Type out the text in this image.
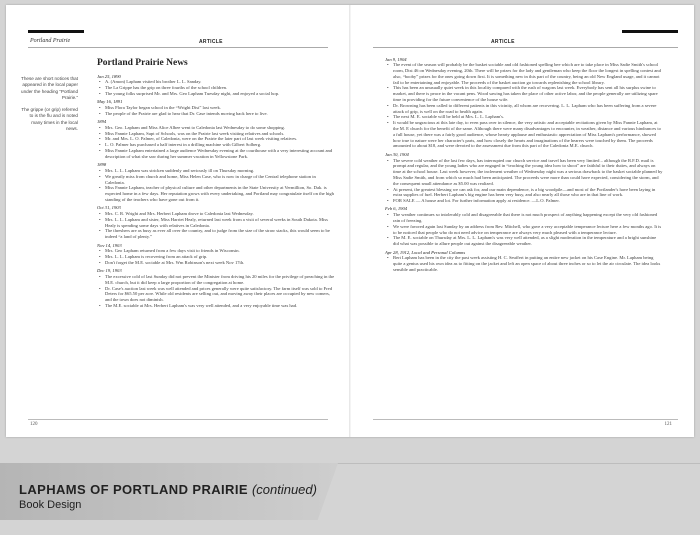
Portland Prairie	ARTICLE

These are short notices that appeared in the local paper under the heading “Portland Prairie.”

The grippe (or grip) referred to is the flu and is noted many times in the local news.

Portland Prairie News
Jan 25, 1890
• A. (Amon) Lapham visited his brother L. L. Sanday.
• The La Grippe has the grip on three fourths of the school children.
• The young folks surprised Mr. and Mrs. Geo Lapham Tuesday night, and enjoyed a social hop.
May 16, 1891
• Miss Flora Taylor began school in the “Wright Dist” last week.
• The people of the Prairie are glad to hear that Dr. Case intends moving back here to live.
1894
• Mrs. Geo. Lapham and Miss Alice Albee went to Caledonia last Wednesday to do some shopping.
• Miss Fannie Lapham, Supt of Schools, was on the Prairie last week visiting relatives and schools.
• Mr. and Mrs. L. O. Palmer, of Caledonia, were on the Prairie the later part of last week visiting relatives.
• L. O. Palmer has purchased a half interest in a drilling machine with Gilbert Solberg.
• Miss Fannie Lapham entertained a large audience Wednesday evening at the courthouse with a very interesting account and description of what she saw during her summer vacation in Yellowstone Park.
1898
• Mrs. L. L. Lapham was stricken suddenly and seriously ill on Thursday morning.
• We greatly miss from church and home, Miss Helen Case, who is now in charge of the Central telephone station in Caledonia.
• Miss Fannie Lapham, teacher of physical culture and other departments in the State University at Vermillion, So. Dak. is expected home in a few days. Her reputation grows with every undertaking, and Portland may congratulate itself on the high standing of the teachers who have gone out from it.
Oct 31, 1903
• Mrs. C. R. Wright and Mrs. Herbert Lapham drove to Caledonia last Wednesday.
• Mrs. L. L. Lapham and sister, Miss Harriet Healy, returned last week from a visit of several weeks in South Dakota. Miss Healy is spending some days with relatives in Caledonia.
• The threshers are as busy as ever all over the country, and to judge from the size of the straw stacks, this would seem to be indeed “a land of plenty.”
Nov 14, 1903
• Mrs. Geo Lapham returned from a few days visit to friends in Wisconsin.
• Mrs. L. L. Lapham is recovering from an attack of grip.
• Don't forget the M.E. sociable at Mrs. Wm Robinson's next week Nov 17th.
Dec 19, 1903
• The excessive cold of last Sunday did not prevent the Minister from driving his 20 miles for the privilege of preaching in the M.E. church, but it did keep a large proportion of the congregation at home.
• Dr. Case's auction last week was well attended and prices generally were quite satisfactory. The farm itself was sold to Fred Deters for $65.50 per acre. While old residents are selling out, and moving away their places are occupied by new comers, and the town does not diminish.
• The M.E. sociable at Mrs. Herbert Lapham's was very well attended, and a very enjoyable time was had.
120
ARTICLE
Jan 9, 1904
• The event of the season will probably be the basket sociable and old fashioned spelling bee which are to take place in Miss Sadie Smith's school room, Dist 46 on Wednesday evening, 20th. There will be prizes for the lady and gentleman who keep the floor the longest in spelling contest and also, “booby” prizes for the ones going down first. It is something new in this part of the country, being an old New England usage, and it cannot fail to be entertaining and enjoyable. The proceeds of the basket auction go towards replenishing the school library.
• This has been an unusually quiet week in this locality compared with the rush of wagons last week. Everybody has sent all his surplus swine to market, and there is peace in the vacant pens. Wood sawing has taken the place of other active labor, and the people generally are utilizing spare time in providing for the future convenience of the house wife.
• Dr. Browning has been called to different patients in this vicinity, all whom are recovering. L. L. Lapham who has been suffering from a severe attack of grip, is well on the road to health again.
• The next M. E. sociable will be held at Mrs. L. L. Lapham's.
• It would be ungracious at this late day, to even pass over in silence, the very artistic and acceptable recitations given by Miss Fannie Lapham, at the M. E church for the benefit of the same. Although there were many disadvantages to encounter, in weather, distance and various hindrances to a full house, yet there was a fairly good audience, whose hearty applause and enthusiastic appreciation of Miss Lapham's performance, showed how true to nature were her character's parts, and how closely the hearts and imaginations of the hearers were touched by them. The proceeds amounted to about $18, and were devoted to the assessment due from this part of the Caledonia M.E. church.
Jan 30, 1904
• The severe cold weather of the last few days, has interrupted our church service and travel has been very limited – although the R.F.D. mail is prompt and regular, and the young ladies who are engaged in “teaching the young idea how to shoot” are faithful to their duties, and always on time at the school house. Last week however, the inclement weather of Wednesday night was a serious drawback to the basket sociable planned by Miss Sadie Smith, and from which so much had been anticipated. The proceeds were more than could have expected, considering the storm, and the consequent small attendance as $5.00 was realized.
• At present, the greatest blessing we can ask for, and our main dependence, is a big woodpile—and most of the Portlander's have been laying in extra supplies of fuel. Herbert Lapham's big engine has been very busy, and also nearly all those who are in that line of work.
• FOR SALE — A house and lot. For further information apply at residence. —L.O. Palmer.
Feb 6, 1904
• The weather continues so intolerably cold and disagreeable that there is not much prospect of anything happening except the very old fashioned rain of freezing.
• We were favored again last Sunday by an address from Rev. Mitchell, who gave a very acceptable temperance lecture here a few months ago. It is to be noticed that people who do not need advice on temperance are always very much pleased with a temperance lecture.
• The M. E. sociable on Thursday at Mrs. L. L. Lapham's was very well attended, as a slight moderation in the temperature and a bright sunshine did what was possible to allure people out against the disagreeable weather.
Apr 28, 1912, Local and Personal Columns
• Bert Lapham has been in the city the past week assisting H. C. Seuffert in putting an entire new jacket on his Case Engine. Mr. Lapham being quite a genius used his own idea as to fitting on the jacket and left an open space of about three inches or so to let the air circulate. The idea looks sensible and practicable.
121
LAPHAMS OF PORTLAND PRAIRIE (continued)
Book Design
